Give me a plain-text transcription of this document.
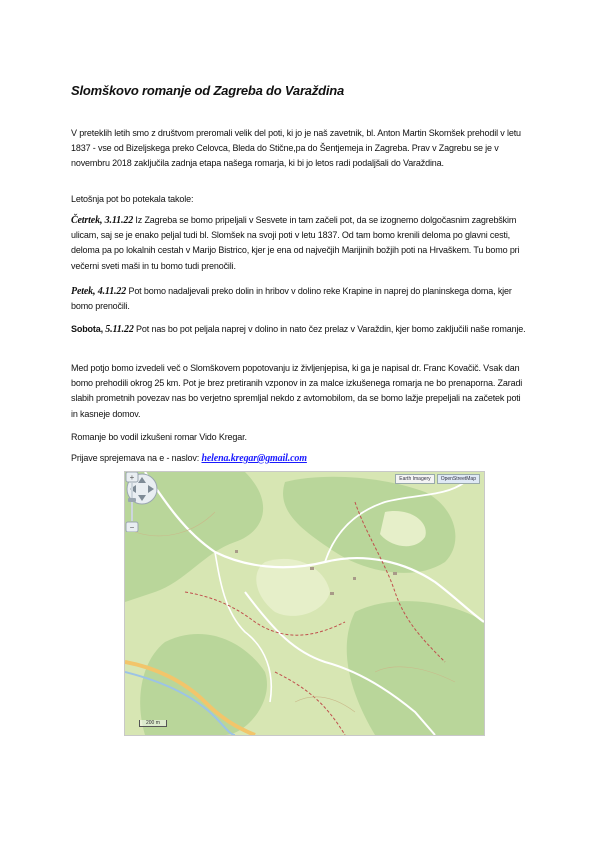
Slomškovo romanje od Zagreba do Varaždina
V preteklih letih smo z društvom preromali velik del poti, ki jo je naš zavetnik, bl. Anton Martin Skomšek prehodil v letu 1837 - vse od Bizeljskega preko Celovca, Bleda do Stične,pa do Šentjemeja in Zagreba. Prav v Zagrebu se je v novembru 2018 zaključila zadnja etapa našega romarja, ki bi jo letos radi podaljšali do Varaždina.
Letošnja pot bo potekala takole:
Četrtek, 3.11.22 Iz Zagreba se bomo pripeljali v Sesvete in tam začeli pot, da se izognemo dolgočasnim zagrebškim ulicam, saj se je enako peljal tudi bl. Slomšek na svoji poti v letu 1837. Od tam bomo krenili deloma po glavni cesti, deloma pa po lokalnih cestah v Marijo Bistrico, kjer je ena od največjih Marijinih božjih poti na Hrvaškem. Tu bomo pri večerni sveti maši in tu bomo tudi prenočili.
Petek, 4.11.22 Pot bomo nadaljevali preko dolin in hribov v dolino reke Krapine in naprej do planinskega doma, kjer bomo prenočili.
Sobota, 5.11.22 Pot nas bo pot peljala naprej v dolino in nato čez prelaz v Varaždin, kjer bomo zaključili naše romanje.
Med potjo bomo izvedeli več o Slomškovem popotovanju iz življenjepisa, ki ga je napisal dr. Franc Kovačič. Vsak dan bomo prehodili okrog 25 km. Pot je brez pretiranih vzponov in za malce izkušenega romarja ne bo prenaporna. Zaradi slabih prometnih povezav nas bo verjetno spremljal nekdo z avtomobilom, da se bomo lažje prepeljali na začetek poti in kasneje domov.
Romanje bo vodil izkušeni romar Vido Kregar.
Prijave sprejemava na e - naslov: helena.kregar@gmail.com
+
−
Earth Imagery	OpenStreetMap
200 m
